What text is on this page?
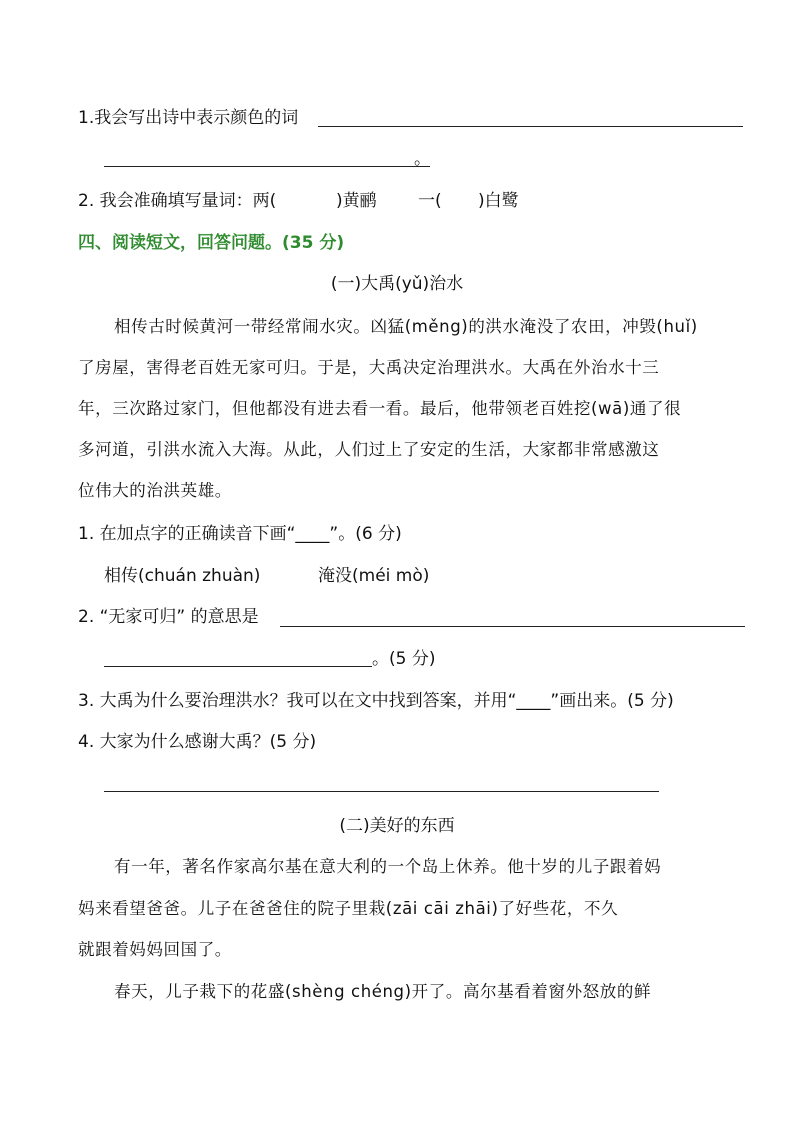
1.我会写出诗中表示颜色的词
。
2. 我会准确填写量词：两(	)黄鹂 一( )白鹭
四、阅读短文，回答问题。(35 分)
(一)大禹(yǔ)治水
相传古时候黄河一带经常闹水灾。凶猛(měng)的洪水淹没了农田，冲毁(huǐ)
了房屋，害得老百姓无家可归。于是，大禹决定治理洪水。大禹在外治水十三
年，三次路过家门，但他都没有进去看一看。最后，他带领老百姓挖(wā)通了很
多河道，引洪水流入大海。从此，人们过上了安定的生活，大家都非常感激这
位伟大的治洪英雄。
1. 在加点字的正确读音下画“____”。(6 分)
相传(chuán zhuàn)	淹没(méi mò)
2. “无家可归” 的意思是
。(5 分)
3. 大禹为什么要治理洪水？我可以在文中找到答案，并用“____”画出来。(5 分)
4. 大家为什么感谢大禹？(5 分)
(二)美好的东西
有一年，著名作家高尔基在意大利的一个岛上休养。他十岁的儿子跟着妈
妈来看望爸爸。儿子在爸爸住的院子里栽(zāi cāi zhāi)了好些花，不久
就跟着妈妈回国了。
春天，儿子栽下的花盛(shèng chéng)开了。高尔基看着窗外怒放的鲜
